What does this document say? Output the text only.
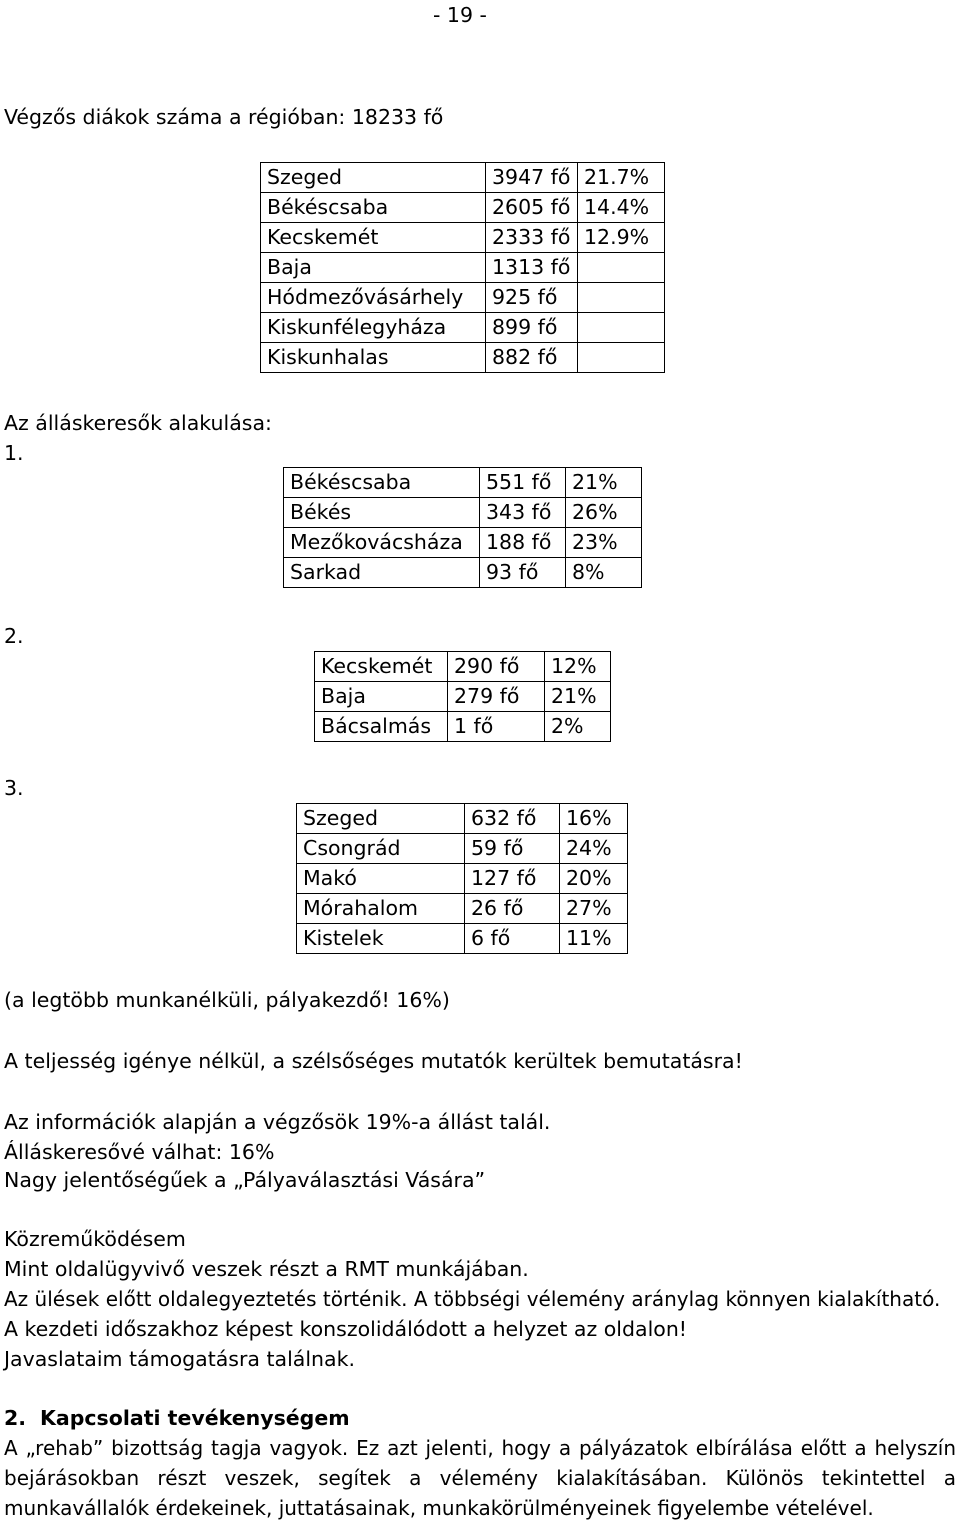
- 19 -
Végzős diákok száma a régióban: 18233 fő
Szeged	3947 fő	21.7%
Békéscsaba	2605 fő	14.4%
Kecskemét	2333 fő	12.9%
Baja	1313 fő	
Hódmezővásárhely	925 fő	
Kiskunfélegyháza	899 fő	
Kiskunhalas	882 fő	
Az álláskeresők alakulása:
1.
Békéscsaba	551 fő	21%
Békés	343 fő	26%
Mezőkovácsháza	188 fő	23%
Sarkad	93 fő	8%
2.
Kecskemét	290 fő	12%
Baja	279 fő	21%
Bácsalmás	1 fő	2%
3.
Szeged	632 fő	16%
Csongrád	59 fő	24%
Makó	127 fő	20%
Mórahalom	26 fő	27%
Kistelek	6 fő	11%
(a legtöbb munkanélküli, pályakezdő! 16%)
A teljesség igénye nélkül, a szélsőséges mutatók kerültek bemutatásra!
Az információk alapján a végzősök 19%-a állást talál.
Álláskeresővé válhat: 16%
Nagy jelentőségűek a „Pályaválasztási Vására”
Közreműködésem
Mint oldalügyvivő veszek részt a RMT munkájában.
Az ülések előtt oldalegyeztetés történik. A többségi vélemény aránylag könnyen kialakítható.
A kezdeti időszakhoz képest konszolidálódott a helyzet az oldalon!
Javaslataim támogatásra találnak.
2. Kapcsolati tevékenységem
A „rehab” bizottság tagja vagyok. Ez azt jelenti, hogy a pályázatok elbírálása előtt a helyszín bejárásokban részt veszek, segítek a vélemény kialakításában. Különös tekintettel a munkavállalók érdekeinek, juttatásainak, munkakörülményeinek figyelembe vételével.
